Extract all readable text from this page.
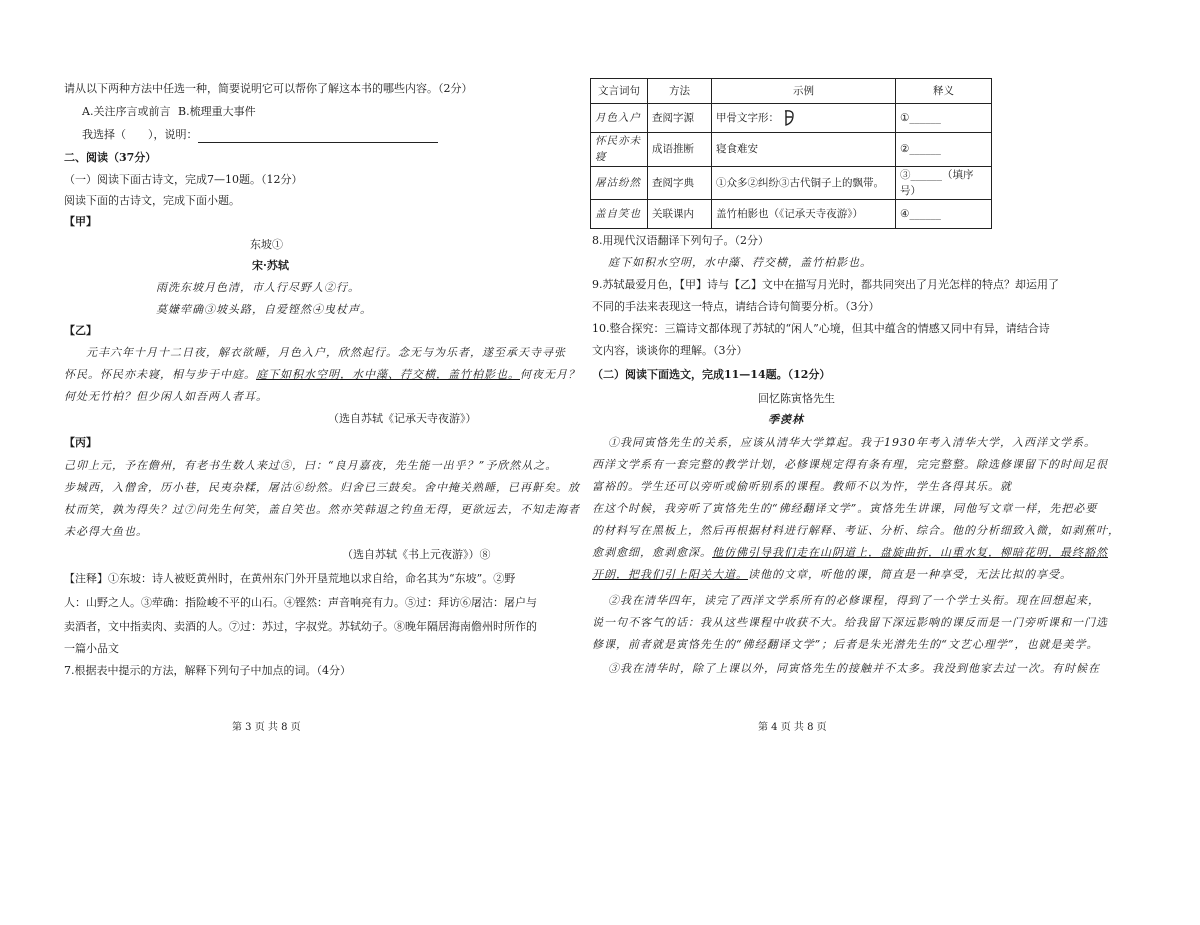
请从以下两种方法中任选一种，简要说明它可以帮你了解这本书的哪些内容。（2分）
A.关注序言或前言 B.梳理重大事件
我选择（　　），说明：
二、阅读（37分）
（一）阅读下面古诗文，完成7—10题。（12分）
阅读下面的古诗文，完成下面小题。
【甲】
东坡①
宋·苏轼
雨洗东坡月色清，市人行尽野人②行。
莫嫌荦确③坡头路，自爱铿然④曳杖声。
【乙】
元丰六年十月十二日夜，解衣欲睡，月色入户，欣然起行。念无与为乐者，遂至承天寺寻张
怀民。怀民亦未寝，相与步于中庭。庭下如积水空明，水中藻、荇交横，盖竹柏影也。何夜无月？
何处无竹柏？但少闲人如吾两人者耳。
（选自苏轼《记承天寺夜游》）
【丙】
己卯上元，予在儋州，有老书生数人来过⑤，曰：“良月嘉夜，先生能一出乎？”予欣然从之。
步城西，入僧舍，历小巷，民夷杂糅，屠沽⑥纷然。归舍已三鼓矣。舍中掩关熟睡，已再鼾矣。放
杖而笑，孰为得失？过⑦问先生何笑，盖自笑也。然亦笑韩退之钓鱼无得，更欲远去，不知走海者
未必得大鱼也。
（选自苏轼《书上元夜游》）⑧
【注释】①东坡：诗人被贬黄州时，在黄州东门外开垦荒地以求自给，命名其为“东坡”。②野
人：山野之人。③荦确：指险峻不平的山石。④铿然：声音响亮有力。⑤过：拜访⑥屠沽：屠户与
卖酒者，文中指卖肉、卖酒的人。⑦过：苏过，字叔党。苏轼幼子。⑧晚年隔居海南儋州时所作的
一篇小品文
7.根据表中提示的方法，解释下列句子中加点的词。（4分）
第 3 页 共 8 页
文言词句	方法	示例	释义
月色入户	查阅字源	甲骨文字形：	①______
怀民亦未寝	成语推断	寝食难安	②______
屠沽纷然	查阅字典	①众多②纠纷③古代铜子上的飘带。	③______（填序号）
盖自笑也	关联课内	盖竹柏影也（《记承天寺夜游》）	④______
8.用现代汉语翻译下列句子。（2分）
庭下如积水空明，水中藻、荇交横，盖竹柏影也。
9.苏轼最爱月色，【甲】诗与【乙】文中在描写月光时，都共同突出了月光怎样的特点？却运用了
不同的手法来表现这一特点，请结合诗句简要分析。（3分）
10.整合探究：三篇诗文都体现了苏轼的“闲人”心境，但其中蕴含的情感又同中有异，请结合诗
文内容，谈谈你的理解。（3分）
（二）阅读下面选文，完成11—14题。（12分）
回忆陈寅恪先生
季羡林
①我同寅恪先生的关系，应该从清华大学算起。我于1930年考入清华大学，入西洋文学系。
西洋文学系有一套完整的教学计划，必修课规定得有条有理，完完整整。除选修课留下的时间足很
富裕的。学生还可以旁听或偷听别系的课程。教师不以为忤，学生各得其乐。就
在这个时候，我旁听了寅恪先生的“佛经翻译文学”。寅恪先生讲课，同他写文章一样，先把必要
的材料写在黑板上，然后再根据材料进行解释、考证、分析、综合。他的分析细致入微，如剥蕉叶，
愈剥愈细，愈剥愈深。他仿佛引导我们走在山阴道上，盘旋曲折，山重水复，柳暗花明，最终豁然
开朗，把我们引上阳关大道。读他的文章，听他的课，简直是一种享受，无法比拟的享受。
②我在清华四年，读完了西洋文学系所有的必修课程，得到了一个学士头衔。现在回想起来，
说一句不客气的话：我从这些课程中收获不大。给我留下深远影响的课反而是一门旁听课和一门选
修课，前者就是寅恪先生的“佛经翻译文学”；后者是朱光潜先生的“文艺心理学”，也就是美学。
③我在清华时，除了上课以外，同寅恪先生的接触并不太多。我没到他家去过一次。有时候在
第 4 页 共 8 页
